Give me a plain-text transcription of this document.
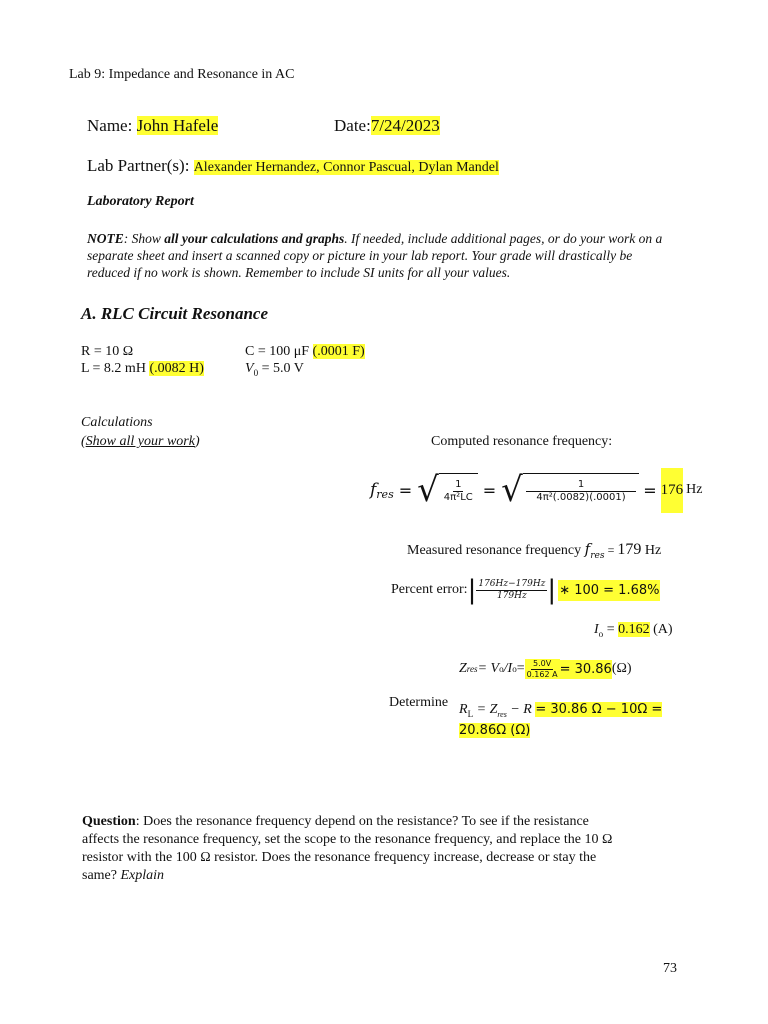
Lab 9: Impedance and Resonance in AC
Name: John Hafele	Date:7/24/2023
Lab Partner(s): Alexander Hernandez, Connor Pascual, Dylan Mandel
Laboratory Report
NOTE: Show all your calculations and graphs. If needed, include additional pages, or do your work on a
separate sheet and insert a scanned copy or picture in your lab report. Your grade will drastically be
reduced if no work is shown. Remember to include SI units for all your values.
A. RLC Circuit Resonance
R = 10 Ω
L = 8.2 mH (.0082 H)
C = 100 μF (.0001 F)
$V_0 = 5.0$ V
Calculations
(Show all your work)	Computed resonance frequency:
$f_{res}$ = √ $\frac{1}{\text{4π²LC}}$ = √ $\frac{1}{\text{4π²(.0082)(.0001)}} = 176$ Hz
Measured resonance frequency $f_{res} = 179$ Hz
Percent error: | $\frac{176Hz-179Hz}{179Hz}$ | ∗ 100 = 1.68%
$I_o = 0.162$ (A)
Z res = V o /I $o = \frac{5.0V}{0.162 A} = 30.86$ (Ω)
Determine $R_L = Z_{res} - R = 30.86$ Ω − 10Ω =
20.86Ω (Ω)
Question: Does the resonance frequency depend on the resistance? To see if the resistance
affects the resonance frequency, set the scope to the resonance frequency, and replace the 10 Ω
resistor with the 100 Ω resistor. Does the resonance frequency increase, decrease or stay the
same? Explain
73
